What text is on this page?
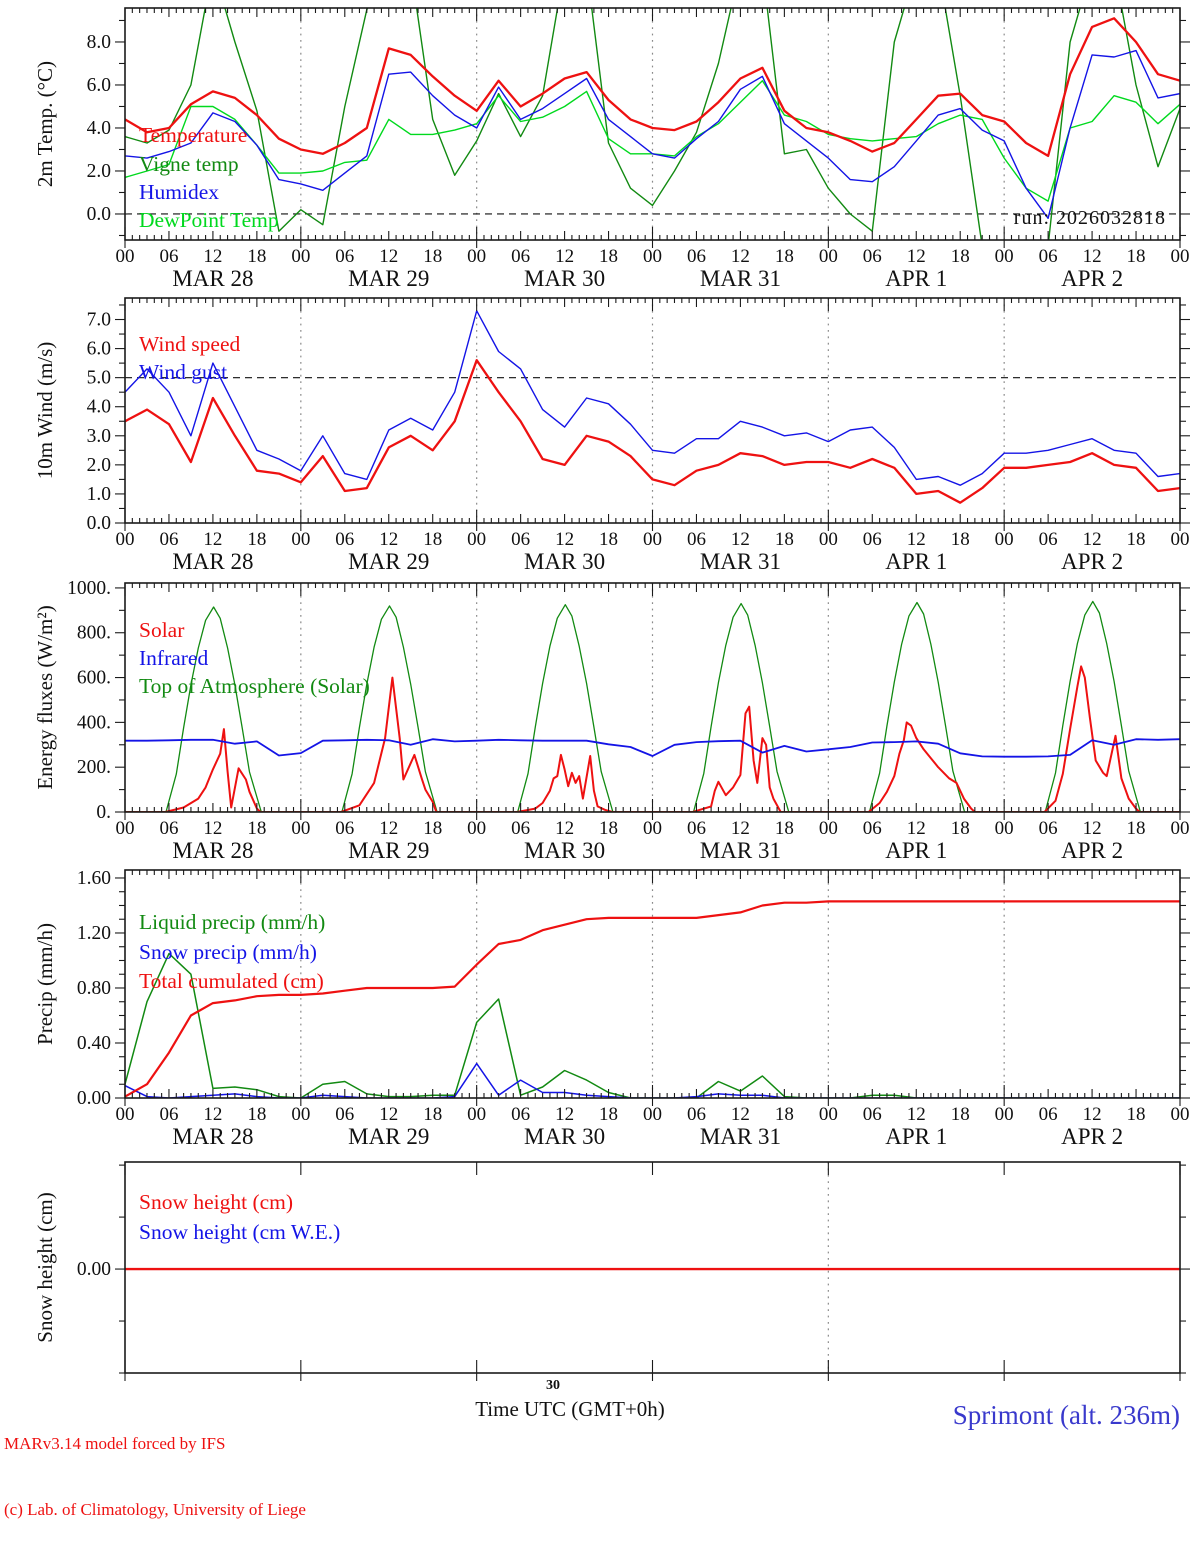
0.0
2.0
4.0
6.0
8.0
2m Temp. (°C)
00 06 12 18 00 06 12 18 00 06 12 18 00 06 12 18 00 06 12 18 00 06 12 18 00
MAR 28	MAR 29	MAR 30	MAR 31	APR 1	APR 2
Temperature
Vigne temp
Humidex
DewPoint Temp
0.0
1.0
2.0
3.0
4.0
5.0
6.0
7.0
10m Wind (m/s)
00 06 12 18 00 06 12 18 00 06 12 18 00 06 12 18 00 06 12 18 00 06 12 18 00
MAR 28	MAR 29	MAR 30	MAR 31	APR 1	APR 2
Wind speed
Wind gust
0.
200.
400.
600.
800.
1000.
Energy fluxes (W/m²)
00 06 12 18 00 06 12 18 00 06 12 18 00 06 12 18 00 06 12 18 00 06 12 18 00
MAR 28	MAR 29	MAR 30	MAR 31	APR 1	APR 2
Solar
Infrared
Top of Atmosphere (Solar)
0.00
0.40
0.80
1.20
1.60
Precip (mm/h)
00 06 12 18 00 06 12 18 00 06 12 18 00 06 12 18 00 06 12 18 00 06 12 18 00
MAR 28	MAR 29	MAR 30	MAR 31	APR 1	APR 2
Liquid precip (mm/h)
Snow precip (mm/h)
Total cumulated (cm)
0.00
Snow height (cm)	Snow height (cm)
Snow height (cm W.E.)
run: 2026032818

MARv3.14 model forced by IFS

(c) Lab. of Climatology, University of Liege

30
Time UTC (GMT+0h)	Sprimont (alt. 236m)
